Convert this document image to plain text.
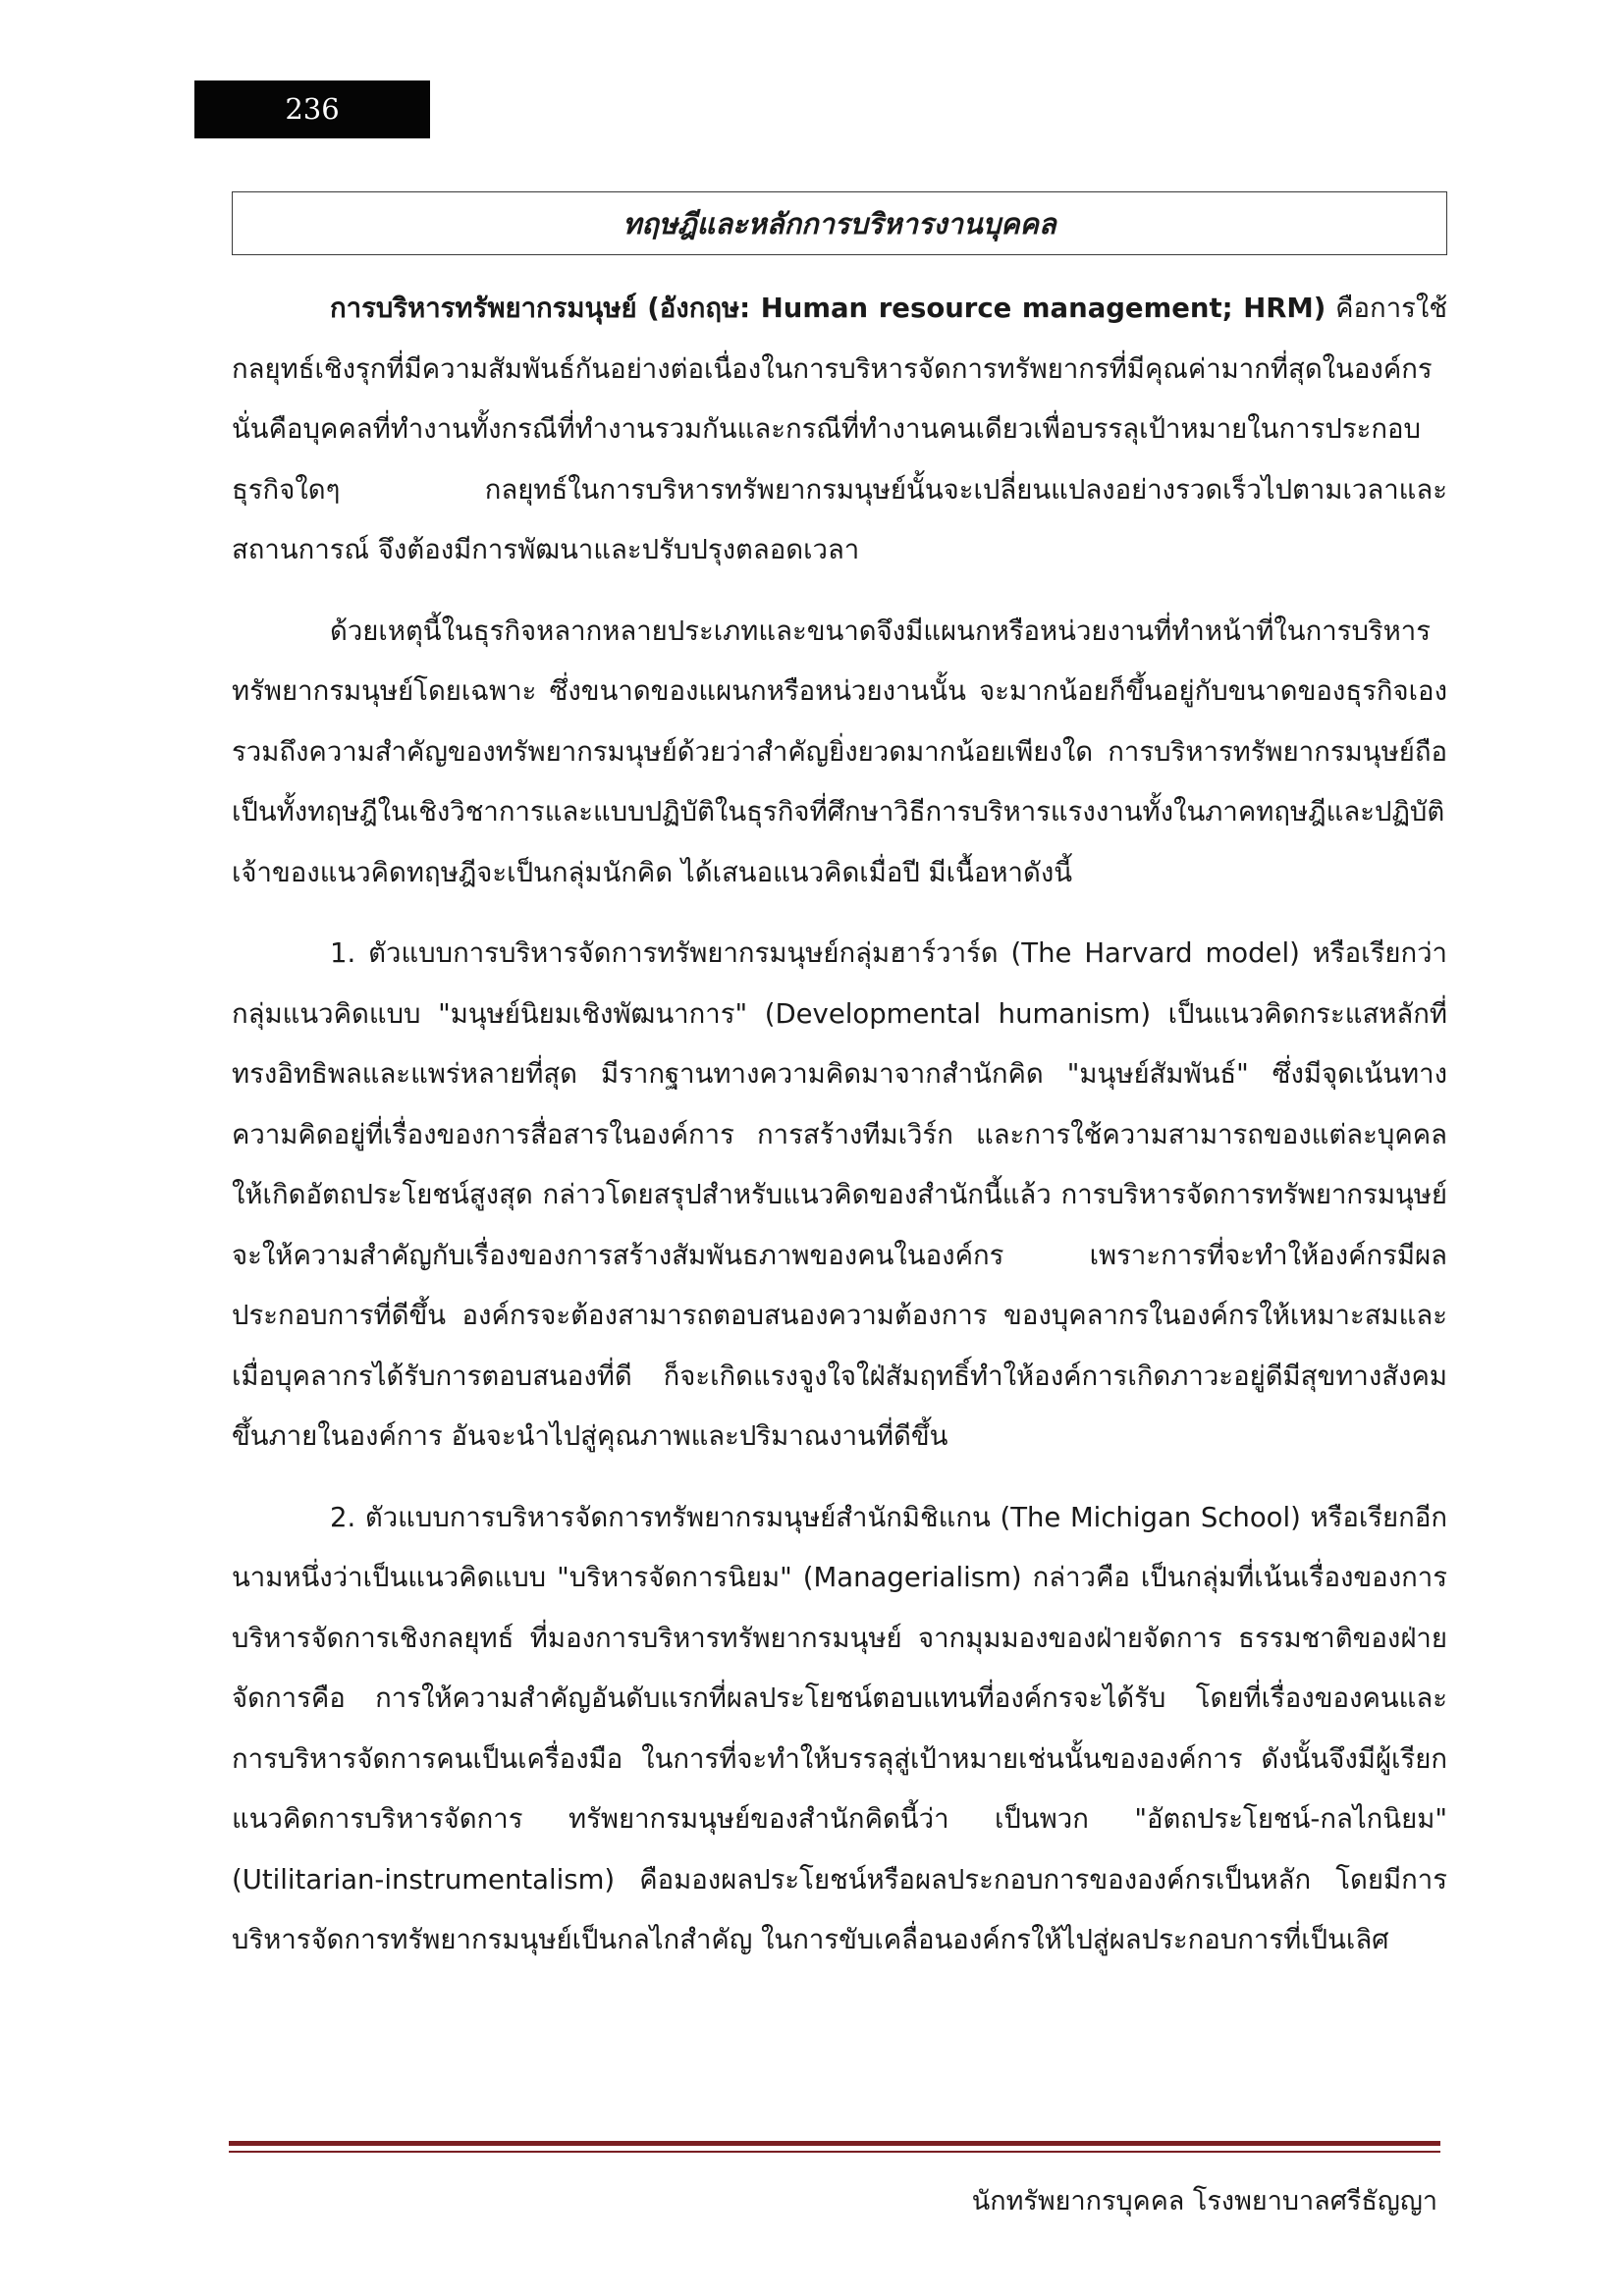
236
ทฤษฎีและหลักการบริหารงานบุคคล

การบริหารทรัพยากรมนุษย์ (อังกฤษ: Human resource management; HRM) คือการใช้กลยุทธ์เชิงรุกที่มีความสัมพันธ์กันอย่างต่อเนื่องในการบริหารจัดการทรัพยากรที่มีคุณค่ามากที่สุดในองค์กร นั่นคือบุคคลที่ทำงานทั้งกรณีที่ทำงานรวมกันและกรณีที่ทำงานคนเดียวเพื่อบรรลุเป้าหมายในการประกอบธุรกิจใดๆ กลยุทธ์ในการบริหารทรัพยากรมนุษย์นั้นจะเปลี่ยนแปลงอย่างรวดเร็วไปตามเวลาและสถานการณ์ จึงต้องมีการพัฒนาและปรับปรุงตลอดเวลา

ด้วยเหตุนี้ในธุรกิจหลากหลายประเภทและขนาดจึงมีแผนกหรือหน่วยงานที่ทำหน้าที่ในการบริหารทรัพยากรมนุษย์โดยเฉพาะ ซึ่งขนาดของแผนกหรือหน่วยงานนั้น จะมากน้อยก็ขึ้นอยู่กับขนาดของธุรกิจเองรวมถึงความสำคัญของทรัพยากรมนุษย์ด้วยว่าสำคัญยิ่งยวดมากน้อยเพียงใด การบริหารทรัพยากรมนุษย์ถือเป็นทั้งทฤษฎีในเชิงวิชาการและแบบปฏิบัติในธุรกิจที่ศึกษาวิธีการบริหารแรงงานทั้งในภาคทฤษฎีและปฏิบัติ เจ้าของแนวคิดทฤษฎีจะเป็นกลุ่มนักคิด ได้เสนอแนวคิดเมื่อปี มีเนื้อหาดังนี้

1. ตัวแบบการบริหารจัดการทรัพยากรมนุษย์กลุ่มฮาร์วาร์ด (The Harvard model) หรือเรียกว่ากลุ่มแนวคิดแบบ "มนุษย์นิยมเชิงพัฒนาการ" (Developmental humanism) เป็นแนวคิดกระแสหลักที่ทรงอิทธิพลและแพร่หลายที่สุด มีรากฐานทางความคิดมาจากสำนักคิด "มนุษย์สัมพันธ์" ซึ่งมีจุดเน้นทางความคิดอยู่ที่เรื่องของการสื่อสารในองค์การ การสร้างทีมเวิร์ก และการใช้ความสามารถของแต่ละบุคคลให้เกิดอัตถประโยชน์สูงสุด กล่าวโดยสรุปสำหรับแนวคิดของสำนักนี้แล้ว การบริหารจัดการทรัพยากรมนุษย์จะให้ความสำคัญกับเรื่องของการสร้างสัมพันธภาพของคนในองค์กร เพราะการที่จะทำให้องค์กรมีผลประกอบการที่ดีขึ้น องค์กรจะต้องสามารถตอบสนองความต้องการ ของบุคลากรในองค์กรให้เหมาะสมและเมื่อบุคลากรได้รับการตอบสนองที่ดี ก็จะเกิดแรงจูงใจใฝ่สัมฤทธิ์ทำให้องค์การเกิดภาวะอยู่ดีมีสุขทางสังคมขึ้นภายในองค์การ อันจะนำไปสู่คุณภาพและปริมาณงานที่ดีขึ้น

2. ตัวแบบการบริหารจัดการทรัพยากรมนุษย์สำนักมิชิแกน (The Michigan School) หรือเรียกอีกนามหนึ่งว่าเป็นแนวคิดแบบ "บริหารจัดการนิยม" (Managerialism) กล่าวคือ เป็นกลุ่มที่เน้นเรื่องของการบริหารจัดการเชิงกลยุทธ์ ที่มองการบริหารทรัพยากรมนุษย์ จากมุมมองของฝ่ายจัดการ ธรรมชาติของฝ่ายจัดการคือ การให้ความสำคัญอันดับแรกที่ผลประโยชน์ตอบแทนที่องค์กรจะได้รับ โดยที่เรื่องของคนและการบริหารจัดการคนเป็นเครื่องมือ ในการที่จะทำให้บรรลุสู่เป้าหมายเช่นนั้นขององค์การ ดังนั้นจึงมีผู้เรียกแนวคิดการบริหารจัดการ ทรัพยากรมนุษย์ของสำนักคิดนี้ว่า เป็นพวก "อัตถประโยชน์-กลไกนิยม" (Utilitarian-instrumentalism) คือมองผลประโยชน์หรือผลประกอบการขององค์กรเป็นหลัก โดยมีการบริหารจัดการทรัพยากรมนุษย์เป็นกลไกสำคัญ ในการขับเคลื่อนองค์กรให้ไปสู่ผลประกอบการที่เป็นเลิศ

นักทรัพยากรบุคคล โรงพยาบาลศรีธัญญา
